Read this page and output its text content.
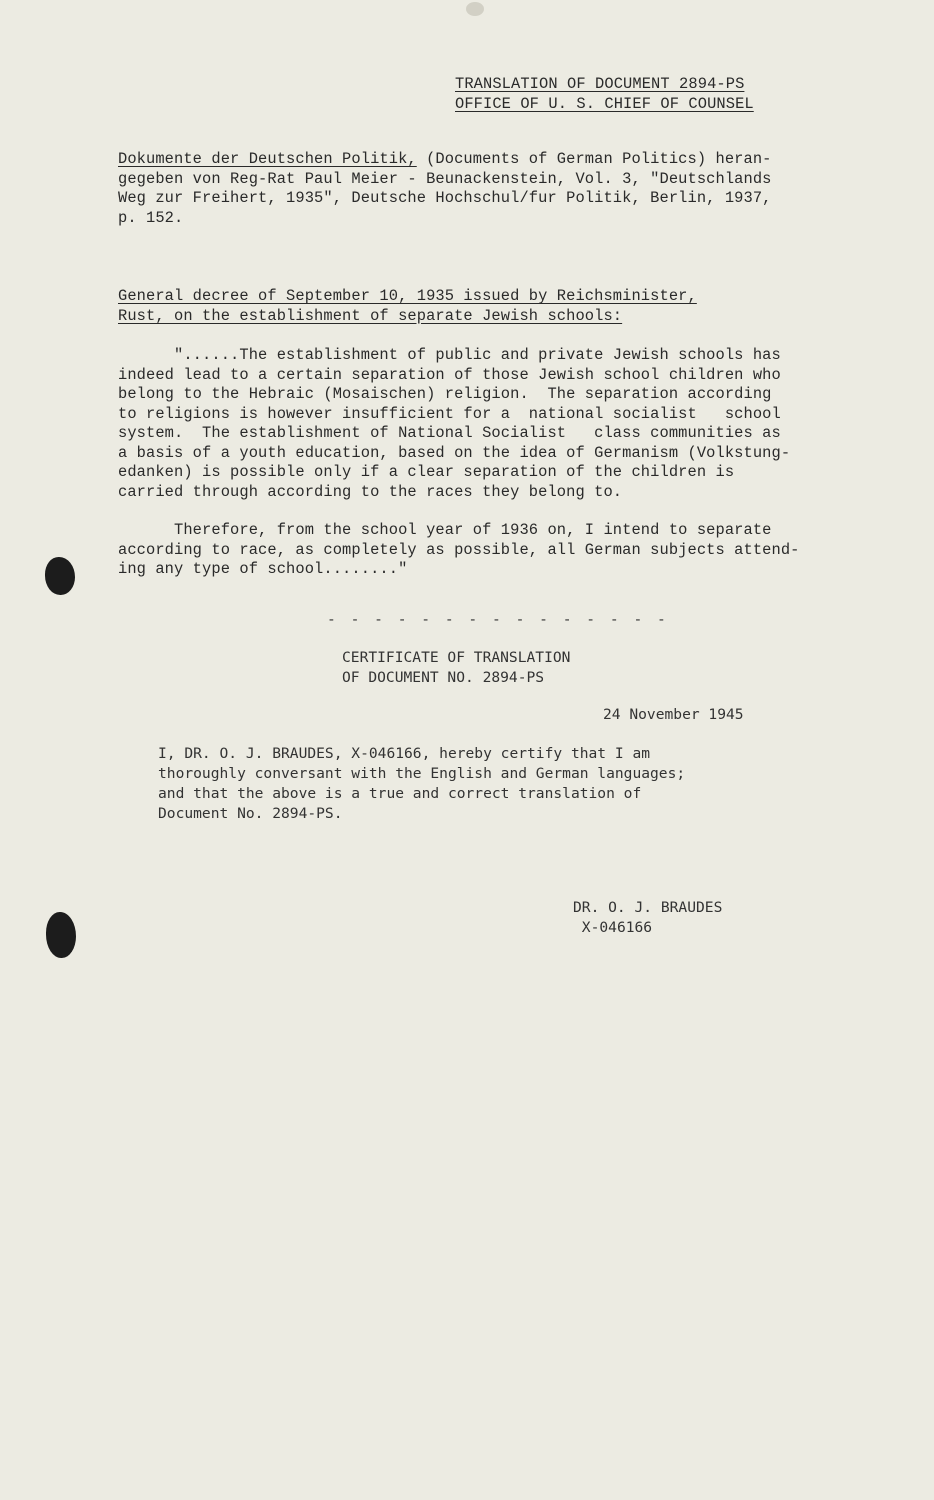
TRANSLATION OF DOCUMENT 2894-PS
OFFICE OF U. S. CHIEF OF COUNSEL
Dokumente der Deutschen Politik, (Documents of German Politics) heran-
gegeben von Reg-Rat Paul Meier - Beunackenstein, Vol. 3, "Deutschlands
Weg zur Freihert, 1935", Deutsche Hochschul/fur Politik, Berlin, 1937,
p. 152.
General decree of September 10, 1935 issued by Reichsminister,
Rust, on the establishment of separate Jewish schools:
"......The establishment of public and private Jewish schools has
indeed lead to a certain separation of those Jewish school children who
belong to the Hebraic (Mosaischen) religion.  The separation according
to religions is however insufficient for a  national socialist   school
system.  The establishment of National Socialist   class communities as
a basis of a youth education, based on the idea of Germanism (Volkstung-
edanken) is possible only if a clear separation of the children is
carried through according to the races they belong to.
Therefore, from the school year of 1936 on, I intend to separate
according to race, as completely as possible, all German subjects attend-
ing any type of school........"
- - - - - - - - - - - - - - -
CERTIFICATE OF TRANSLATION
OF DOCUMENT NO. 2894-PS
24 November 1945
I, DR. O. J. BRAUDES, X-046166, hereby certify that I am
thoroughly conversant with the English and German languages;
and that the above is a true and correct translation of
Document No. 2894-PS.
DR. O. J. BRAUDES
X-046166
